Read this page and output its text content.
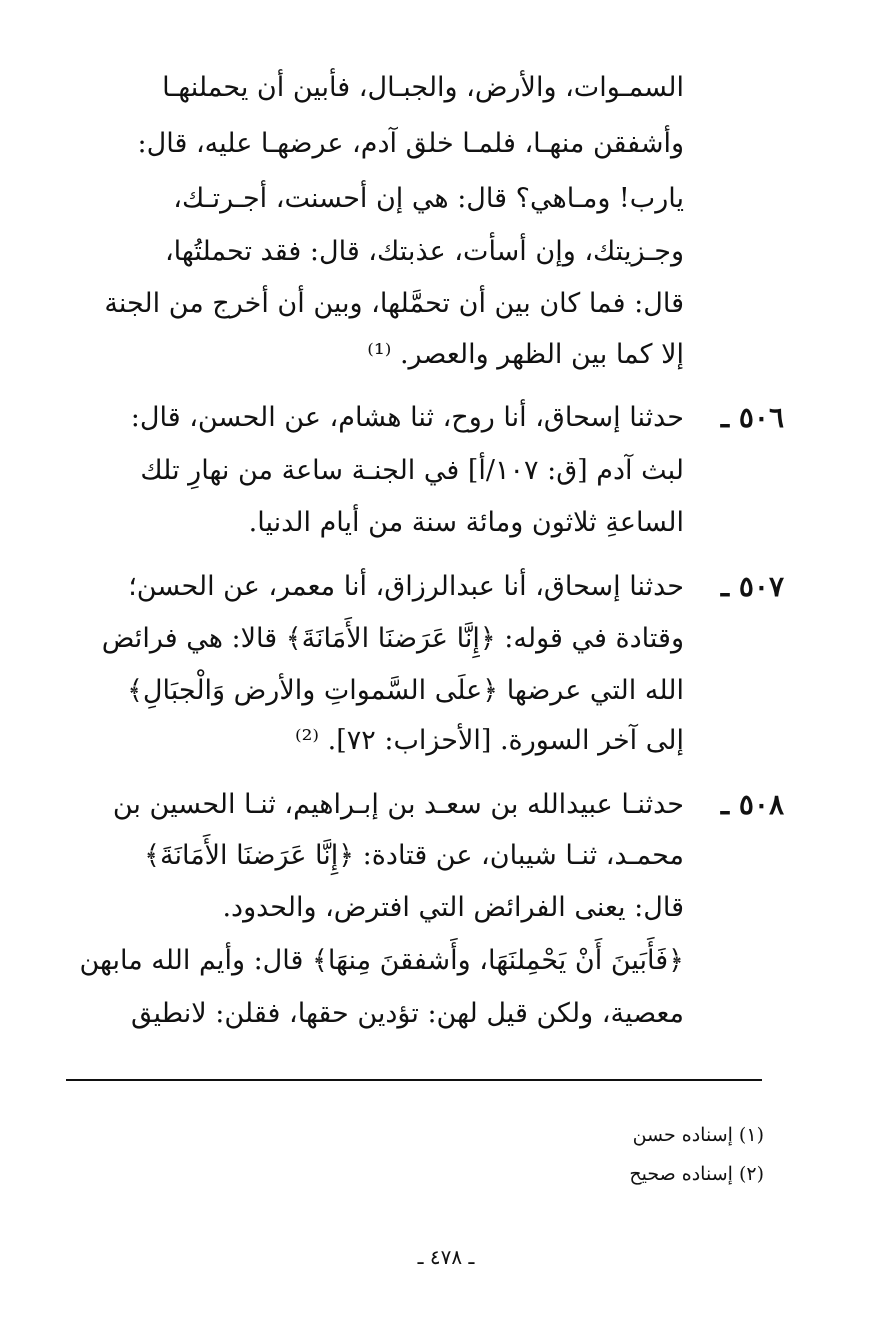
السمـوات، والأرض، والجبـال، فأبين أن يحملنهـا
وأشفقن منهـا، فلمـا خلق آدم، عرضهـا عليه، قال:
يارب! ومـاهي؟ قال: هي إن أحسنت، أجـرتـك،
وجـزيتك، وإن أسأت، عذبتك، قال: فقد تحملتُها،
قال: فما كان بين أن تحمَّلها، وبين أن أخرج من الجنة
إلا كما بين الظهر والعصر. ⁽¹⁾
٥٠٦ ـ
حدثنا إسحاق، أنا روح، ثنا هشام، عن الحسن، قال:
لبث آدم [ق: ١٠٧/أ] في الجنـة ساعة من نهارِ تلك
الساعةِ ثلاثون ومائة سنة من أيام الدنيا.
٥٠٧ ـ
حدثنا إسحاق، أنا عبدالرزاق، أنا معمر، عن الحسن؛
وقتادة في قوله: ﴿إِنَّا عَرَضنَا الأَمَانَةَ﴾ قالا: هي فرائض
الله التي عرضها ﴿علَى السَّمواتِ والأرض وَالْجبَالِ﴾
إلى آخر السورة. [الأحزاب: ٧٢]. ⁽²⁾
٥٠٨ ـ
حدثنـا عبيدالله بن سعـد بن إبـراهيم، ثنـا الحسين بن
محمـد، ثنـا شيبان، عن قتادة: ﴿إِنَّا عَرَضنَا الأَمَانَةَ﴾
قال: يعنى الفرائض التي افترض، والحدود.
﴿فَأَبَينَ أَنْ يَحْمِلنَهَا، وأَشفقنَ مِنهَا﴾ قال: وأيم الله مابهن
معصية، ولكن قيل لهن: تؤدين حقها، فقلن: لانطيق
(١) إسناده حسن
(٢) إسناده صحيح
ـ ٤٧٨ ـ
